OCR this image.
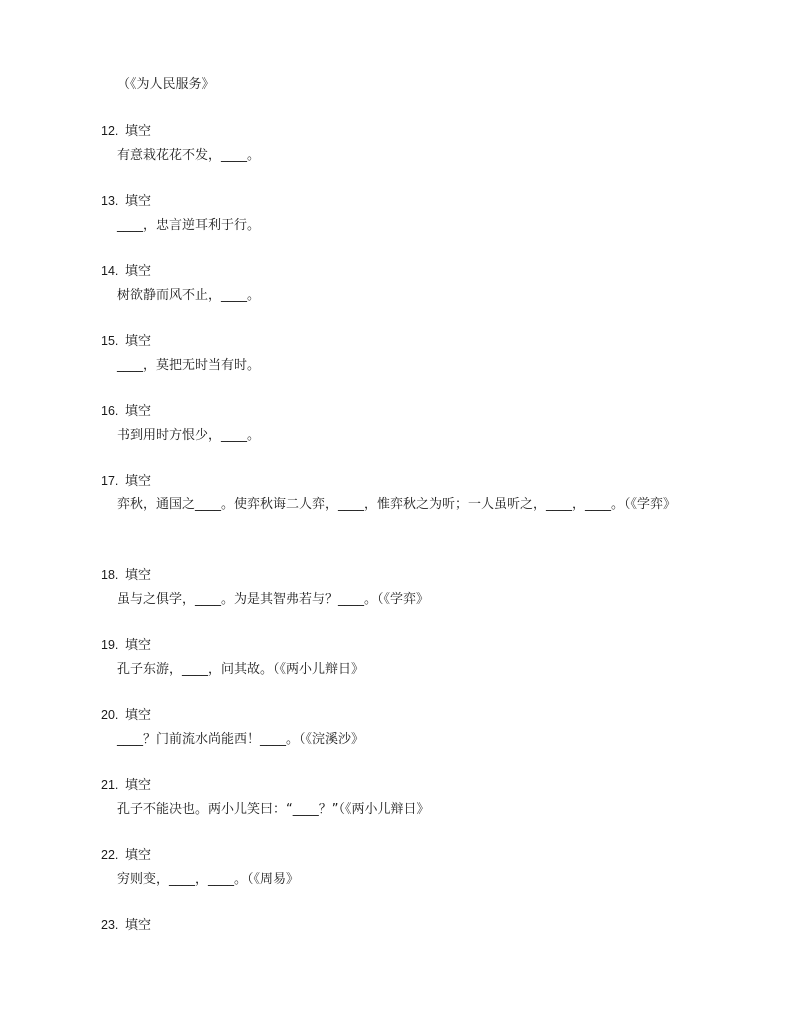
（《为人民服务》
12. 填空
有意栽花花不发，____。
13. 填空
____，忠言逆耳利于行。
14. 填空
树欲静而风不止，____。
15. 填空
____，莫把无时当有时。
16. 填空
书到用时方恨少，____。
17. 填空
弈秋，通国之____。使弈秋诲二人弈，____，惟弈秋之为听；一人虽听之，____，____。（《学弈》
18. 填空
虽与之俱学，____。为是其智弗若与？____。（《学弈》
19. 填空
孔子东游，____，问其故。（《两小儿辩日》
20. 填空
____？门前流水尚能西！____。（《浣溪沙》
21. 填空
孔子不能决也。两小儿笑曰：“____？”（《两小儿辩日》
22. 填空
穷则变，____，____。（《周易》
23. 填空
